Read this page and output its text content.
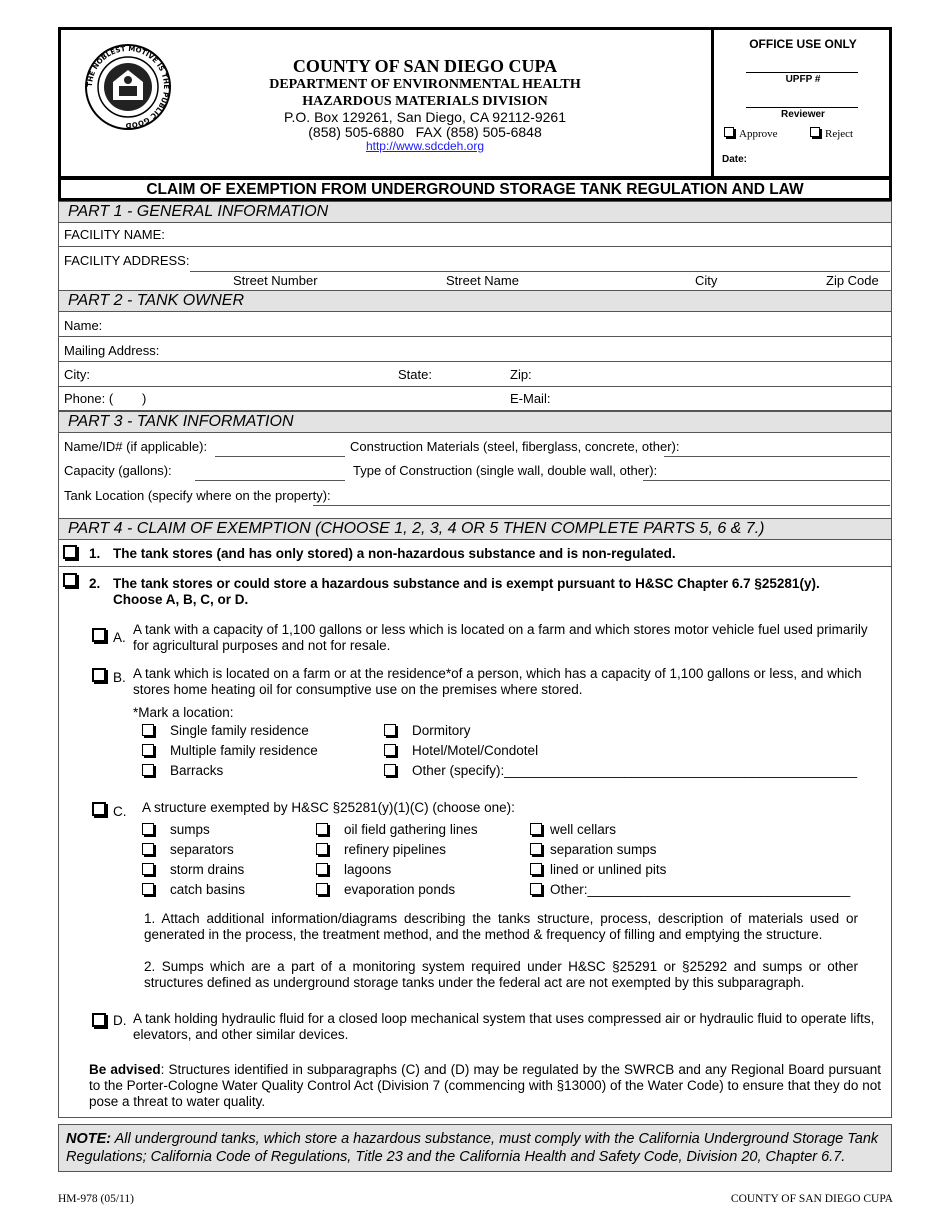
THE NOBLEST MOTIVE IS THE PUBLIC GOOD
COUNTY OF SAN DIEGO CUPA
DEPARTMENT OF ENVIRONMENTAL HEALTH
HAZARDOUS MATERIALS DIVISION
P.O. Box 129261, San Diego, CA 92112-9261
(858) 505-6880   FAX (858) 505-6848
http://www.sdcdeh.org
OFFICE USE ONLY
UPFP #
Reviewer
Approve	Reject
Date:
CLAIM OF EXEMPTION FROM UNDERGROUND STORAGE TANK REGULATION AND LAW
PART 1 - GENERAL INFORMATION
FACILITY NAME:
FACILITY ADDRESS:
Street Number	Street Name	City	Zip Code
PART 2 - TANK OWNER
Name:
Mailing Address:
City:	State:	Zip:
Phone: (        )	E-Mail:
PART 3 - TANK INFORMATION
Name/ID# (if applicable):	Construction Materials (steel, fiberglass, concrete, other):
Capacity (gallons):	Type of Construction (single wall, double wall, other):
Tank Location (specify where on the property):
PART 4 - CLAIM OF EXEMPTION (CHOOSE 1, 2, 3, 4 OR 5 THEN COMPLETE PARTS 5, 6 & 7.)
1. The tank stores (and has only stored) a non-hazardous substance and is non-regulated.
2. The tank stores or could store a hazardous substance and is exempt pursuant to H&SC Chapter 6.7 §25281(y). Choose A, B, C, or D.
A.
A tank with a capacity of 1,100 gallons or less which is located on a farm and which stores motor vehicle fuel used primarily for agricultural purposes and not for resale.
B. A tank which is located on a farm or at the residence*of a person, which has a capacity of 1,100 gallons or less, and which stores home heating oil for consumptive use on the premises where stored.
*Mark a location:
Single family residence	Dormitory
Multiple family residence	Hotel/Motel/Condotel
Barracks	Other (specify):_______________________________________________
C. A structure exempted by H&SC §25281(y)(1)(C) (choose one):
sumps	oil field gathering lines	well cellars
separators	refinery pipelines	separation sumps
storm drains	lagoons	lined or unlined pits
catch basins	evaporation ponds	Other:___________________________________
1. Attach additional information/diagrams describing the tanks structure, process, description of materials used or generated in the process, the treatment method, and the method & frequency of filling and emptying the structure.
2. Sumps which are a part of a monitoring system required under H&SC §25291 or §25292 and sumps or other structures defined as underground storage tanks under the federal act are not exempted by this subparagraph.
D. A tank holding hydraulic fluid for a closed loop mechanical system that uses compressed air or hydraulic fluid to operate lifts, elevators, and other similar devices.
Be advised: Structures identified in subparagraphs (C) and (D) may be regulated by the SWRCB and any Regional Board pursuant to the Porter-Cologne Water Quality Control Act (Division 7 (commencing with §13000) of the Water Code) to ensure that they do not pose a threat to water quality.
NOTE: All underground tanks, which store a hazardous substance, must comply with the California Underground Storage Tank Regulations; California Code of Regulations, Title 23 and the California Health and Safety Code, Division 20, Chapter 6.7.
HM-978 (05/11)	COUNTY OF SAN DIEGO CUPA
